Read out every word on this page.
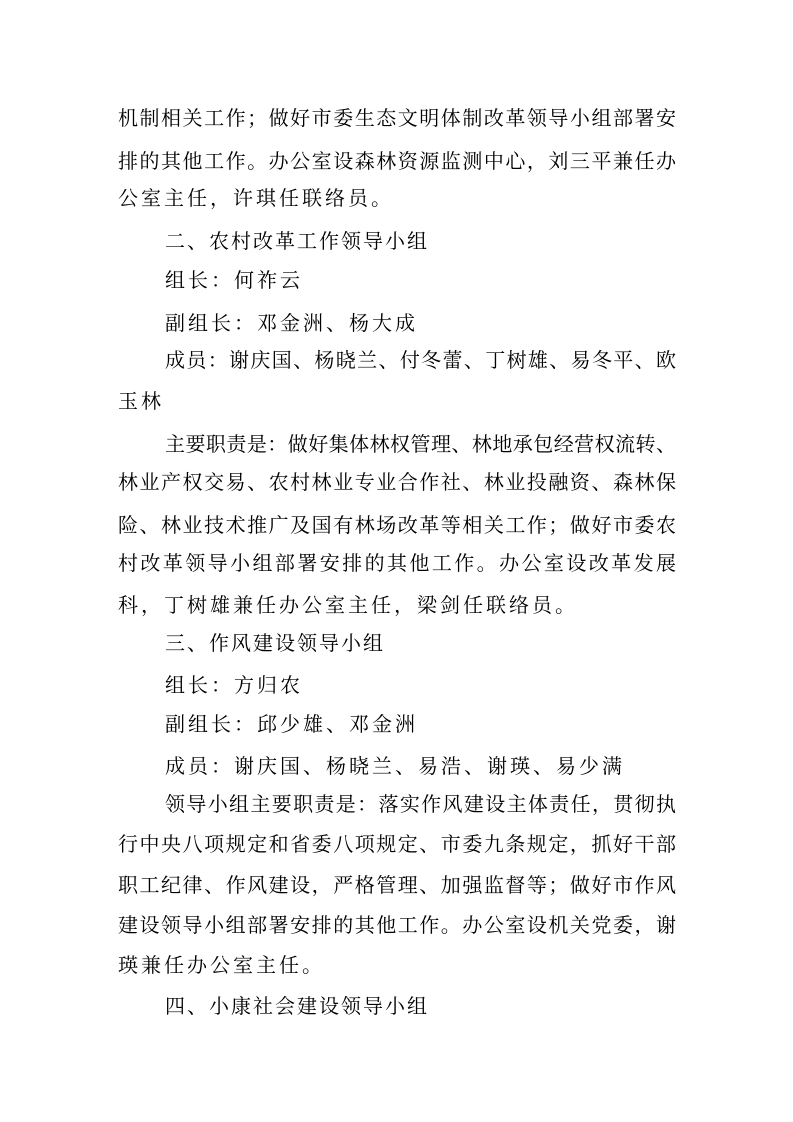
机制相关工作；做好市委生态文明体制改革领导小组部署安
排的其他工作。办公室设森林资源监测中心，刘三平兼任办
公室主任，许琪任联络员。
二、农村改革工作领导小组
组长：何祚云
副组长：邓金洲、杨大成
成员：谢庆国、杨晓兰、付冬蕾、丁树雄、易冬平、欧
玉林
主要职责是：做好集体林权管理、林地承包经营权流转、
林业产权交易、农村林业专业合作社、林业投融资、森林保
险、林业技术推广及国有林场改革等相关工作；做好市委农
村改革领导小组部署安排的其他工作。办公室设改革发展
科，丁树雄兼任办公室主任，梁剑任联络员。
三、作风建设领导小组
组长：方归农
副组长：邱少雄、邓金洲
成员：谢庆国、杨晓兰、易浩、谢瑛、易少满
领导小组主要职责是：落实作风建设主体责任，贯彻执
行中央八项规定和省委八项规定、市委九条规定，抓好干部
职工纪律、作风建设，严格管理、加强监督等；做好市作风
建设领导小组部署安排的其他工作。办公室设机关党委，谢
瑛兼任办公室主任。
四、小康社会建设领导小组
